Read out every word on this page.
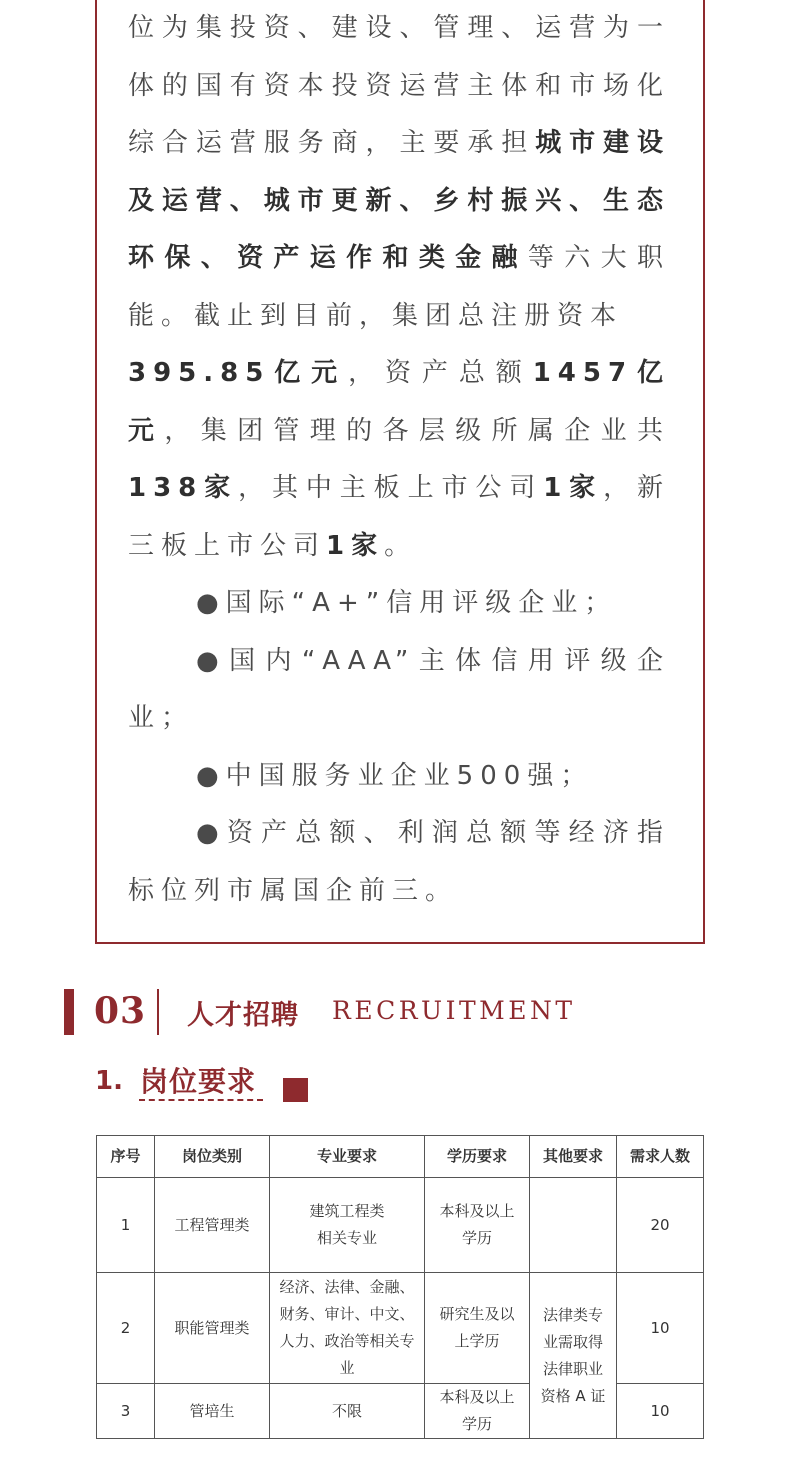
位为集投资、建设、管理、运营为一体的国有资本投资运营主体和市场化综合运营服务商，主要承担城市建设及运营、城市更新、乡村振兴、生态环保、资产运作和类金融等六大职能。截止到目前，集团总注册资本
395.85亿元，资产总额1457亿元，集团管理的各层级所属企业共138家，其中主板上市公司1家，新三板上市公司1家。

●国际“A+”信用评级企业；

●国内“AAA”主体信用评级企业；

●中国服务业企业500强；

●资产总额、利润总额等经济指标位列市属国企前三。

03 人才招聘 RECRUITMENT
1. 岗位要求
序号	岗位类别	专业要求	学历要求	其他要求	需求人数
1	工程管理类	建筑工程类
相关专业	本科及以上
学历		20
2	职能管理类	经济、法律、金融、
财务、审计、中文、
人力、政治等相关专
业	研究生及以
上学历	法律类专
业需取得
法律职业
资格 A 证	10
3	管培生	不限	本科及以上
学历		10
